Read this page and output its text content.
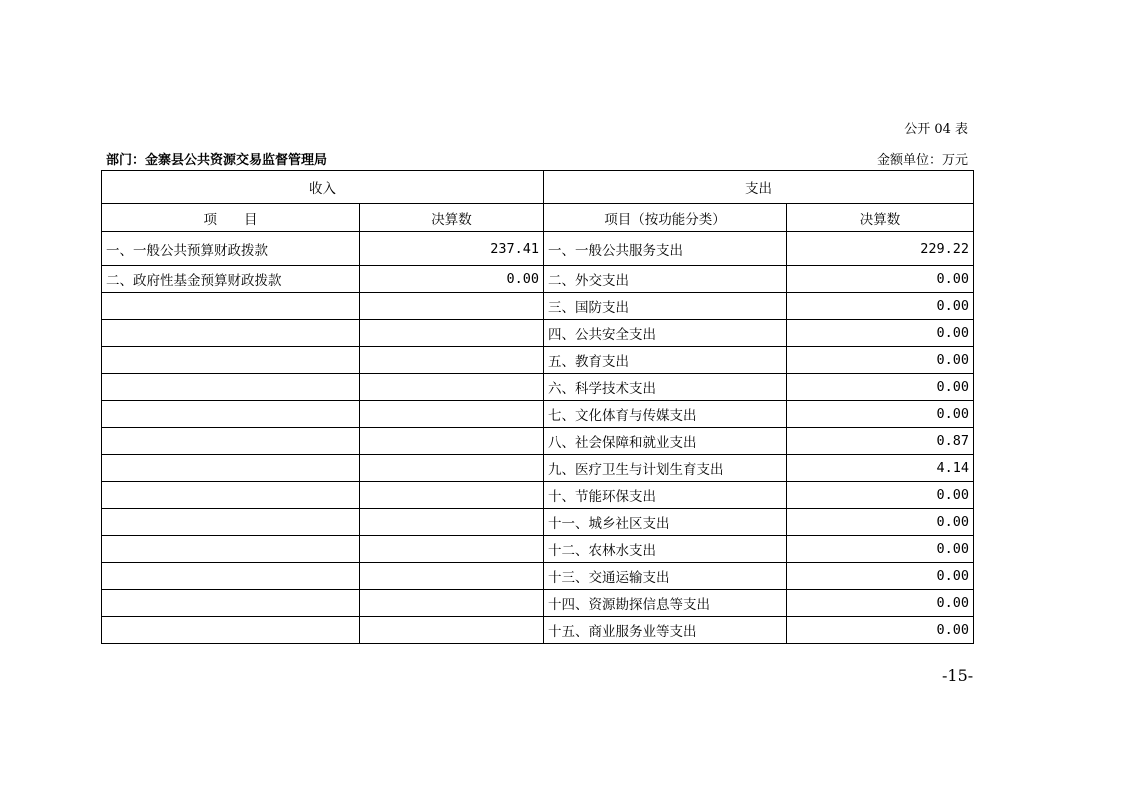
公开 04 表
部门：金寨县公共资源交易监督管理局	金额单位：万元
收入		支出	
项　　目	决算数	项目（按功能分类）	决算数
一、一般公共预算财政拨款	237.41	一、一般公共服务支出	229.22
二、政府性基金预算财政拨款	0.00	二、外交支出	0.00
		三、国防支出	0.00
		四、公共安全支出	0.00
		五、教育支出	0.00
		六、科学技术支出	0.00
		七、文化体育与传媒支出	0.00
		八、社会保障和就业支出	0.87
		九、医疗卫生与计划生育支出	4.14
		十、节能环保支出	0.00
		十一、城乡社区支出	0.00
		十二、农林水支出	0.00
		十三、交通运输支出	0.00
		十四、资源勘探信息等支出	0.00
		十五、商业服务业等支出	0.00
-15-
